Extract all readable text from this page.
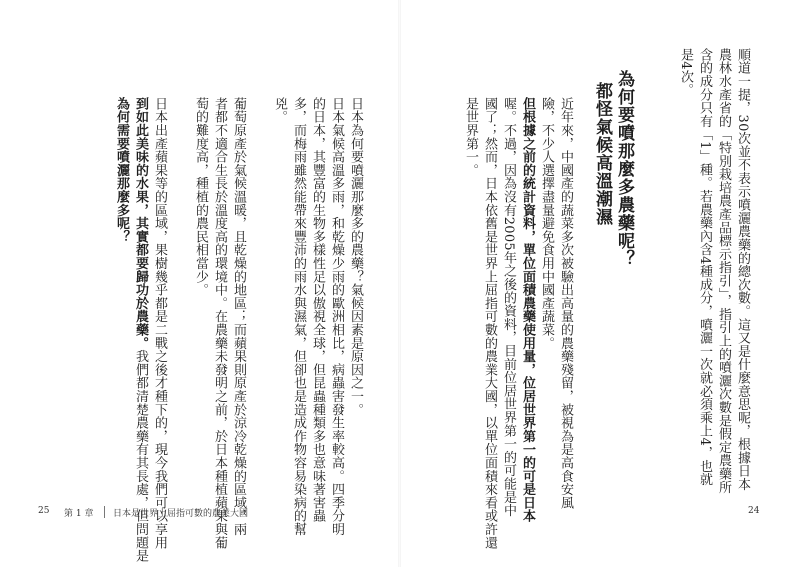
順道一提，30次並不表示噴灑農藥的總次數。這又是什麼意思呢，根據日本
農林水產省的「特別栽培農產品標示指引」，指引上的噴灑次數是假定農藥所
含的成分只有「1」種。若農藥內含4種成分，噴灑一次就必須乘上4，也就
是4次。
為何要噴那麼多農藥呢？
都怪氣候高溫潮濕
近年來，中國產的蔬菜多次被驗出高量的農藥殘留，被視為是高食安風
險，不少人選擇盡量避免食用中國產蔬菜。
但根據之前的統計資料，單位面積農藥使用量，位居世界第一的可是日本
喔。不過，因為沒有2005年之後的資料，目前位居世界第一的可能是中
國了；然而，日本依舊是世界上屈指可數的農業大國，以單位面積來看或許還
是世界第一。
24
日本為何要噴灑那麼多的農藥？氣候因素是原因之一。
日本氣候高溫多雨，和乾燥少雨的歐洲相比，病蟲害發生率較高。四季分明
的日本，其豐富的生物多樣性足以傲視全球，但昆蟲種類多也意味著害蟲
多，而梅雨雖然能帶來豐沛的雨水與濕氣，但卻也是造成作物容易染病的幫
兇。
葡萄原產於氣候溫暖，且乾燥的地區；而蘋果則原產於涼冷乾燥的區域，兩
者都不適合生長於溫度高的環境中。在農藥未發明之前，於日本種植蘋果與葡
萄的難度高，種植的農民相當少。
日本出產蘋果等的區域，果樹幾乎都是二戰之後才種下的，現今我們可以享用
到如此美味的水果，其實都要歸功於農藥。我們都清楚農藥有其長處，但問題是
為何需要噴灑那麼多呢？
25 第 1 章 日本是世界上屈指可數的農業大國
